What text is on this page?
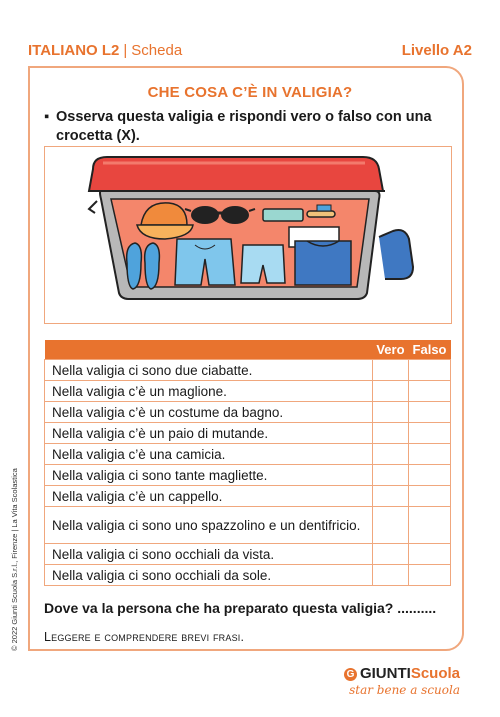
ITALIANO L2 | Scheda	Livello A2
CHE COSA C’È IN VALIGIA?
▪ Osserva questa valigia e rispondi vero o falso con una crocetta (X).
	Vero	Falso
Nella valigia ci sono due ciabatte.		
Nella valigia c’è un maglione.		
Nella valigia c’è un costume da bagno.		
Nella valigia c’è un paio di mutande.		
Nella valigia c’è una camicia.		
Nella valigia ci sono tante magliette.		
Nella valigia c’è un cappello.		
Nella valigia ci sono uno spazzolino e un dentifricio.		
Nella valigia ci sono occhiali da vista.		
Nella valigia ci sono occhiali da sole.		
Dove va la persona che ha preparato questa valigia? ..........
Leggere e comprendere brevi frasi.
© 2022 Giunti Scuola S.r.l., Firenze | La Vita Scolastica
G GIUNTIScuola
star bene a scuola
